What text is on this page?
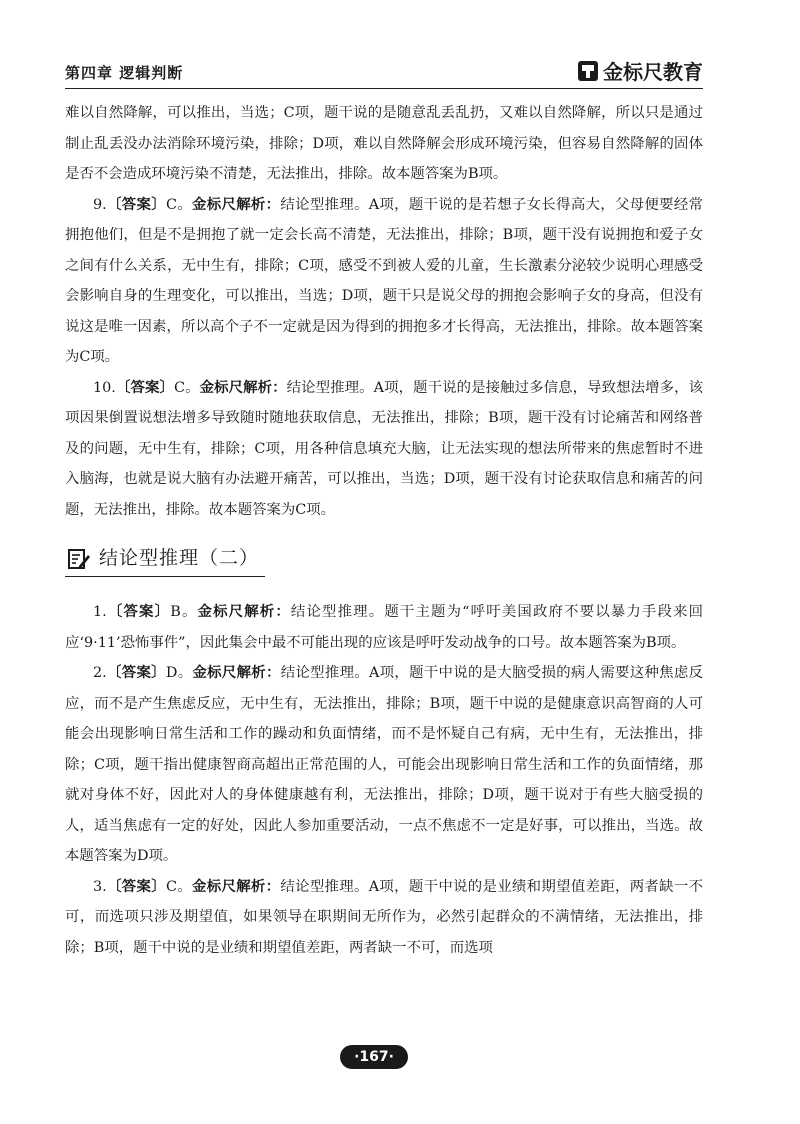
第四章 逻辑判断	金标尺教育

难以自然降解，可以推出，当选；C项，题干说的是随意乱丢乱扔，又难以自然降解，所以只是通过制止乱丢没办法消除环境污染，排除；D项，难以自然降解会形成环境污染，但容易自然降解的固体是否不会造成环境污染不清楚，无法推出，排除。故本题答案为B项。

9.〔答案〕C。金标尺解析：结论型推理。A项，题干说的是若想子女长得高大，父母便要经常拥抱他们，但是不是拥抱了就一定会长高不清楚，无法推出，排除；B项，题干没有说拥抱和爱子女之间有什么关系，无中生有，排除；C项，感受不到被人爱的儿童，生长激素分泌较少说明心理感受会影响自身的生理变化，可以推出，当选；D项，题干只是说父母的拥抱会影响子女的身高，但没有说这是唯一因素，所以高个子不一定就是因为得到的拥抱多才长得高，无法推出，排除。故本题答案为C项。

10.〔答案〕C。金标尺解析：结论型推理。A项，题干说的是接触过多信息，导致想法增多，该项因果倒置说想法增多导致随时随地获取信息，无法推出，排除；B项，题干没有讨论痛苦和网络普及的问题，无中生有，排除；C项，用各种信息填充大脑，让无法实现的想法所带来的焦虑暂时不进入脑海，也就是说大脑有办法避开痛苦，可以推出，当选；D项，题干没有讨论获取信息和痛苦的问题，无法推出，排除。故本题答案为C项。

结论型推理（二）

1.〔答案〕B。金标尺解析：结论型推理。题干主题为“呼吁美国政府不要以暴力手段来回应‘9·11’恐怖事件”，因此集会中最不可能出现的应该是呼吁发动战争的口号。故本题答案为B项。

2.〔答案〕D。金标尺解析：结论型推理。A项，题干中说的是大脑受损的病人需要这种焦虑反应，而不是产生焦虑反应，无中生有，无法推出，排除；B项，题干中说的是健康意识高智商的人可能会出现影响日常生活和工作的躁动和负面情绪，而不是怀疑自己有病，无中生有，无法推出，排除；C项，题干指出健康智商高超出正常范围的人，可能会出现影响日常生活和工作的负面情绪，那就对身体不好，因此对人的身体健康越有利，无法推出，排除；D项，题干说对于有些大脑受损的人，适当焦虑有一定的好处，因此人参加重要活动，一点不焦虑不一定是好事，可以推出，当选。故本题答案为D项。

3.〔答案〕C。金标尺解析：结论型推理。A项，题干中说的是业绩和期望值差距，两者缺一不可，而选项只涉及期望值，如果领导在职期间无所作为，必然引起群众的不满情绪，无法推出，排除；B项，题干中说的是业绩和期望值差距，两者缺一不可，而选项

·167·
